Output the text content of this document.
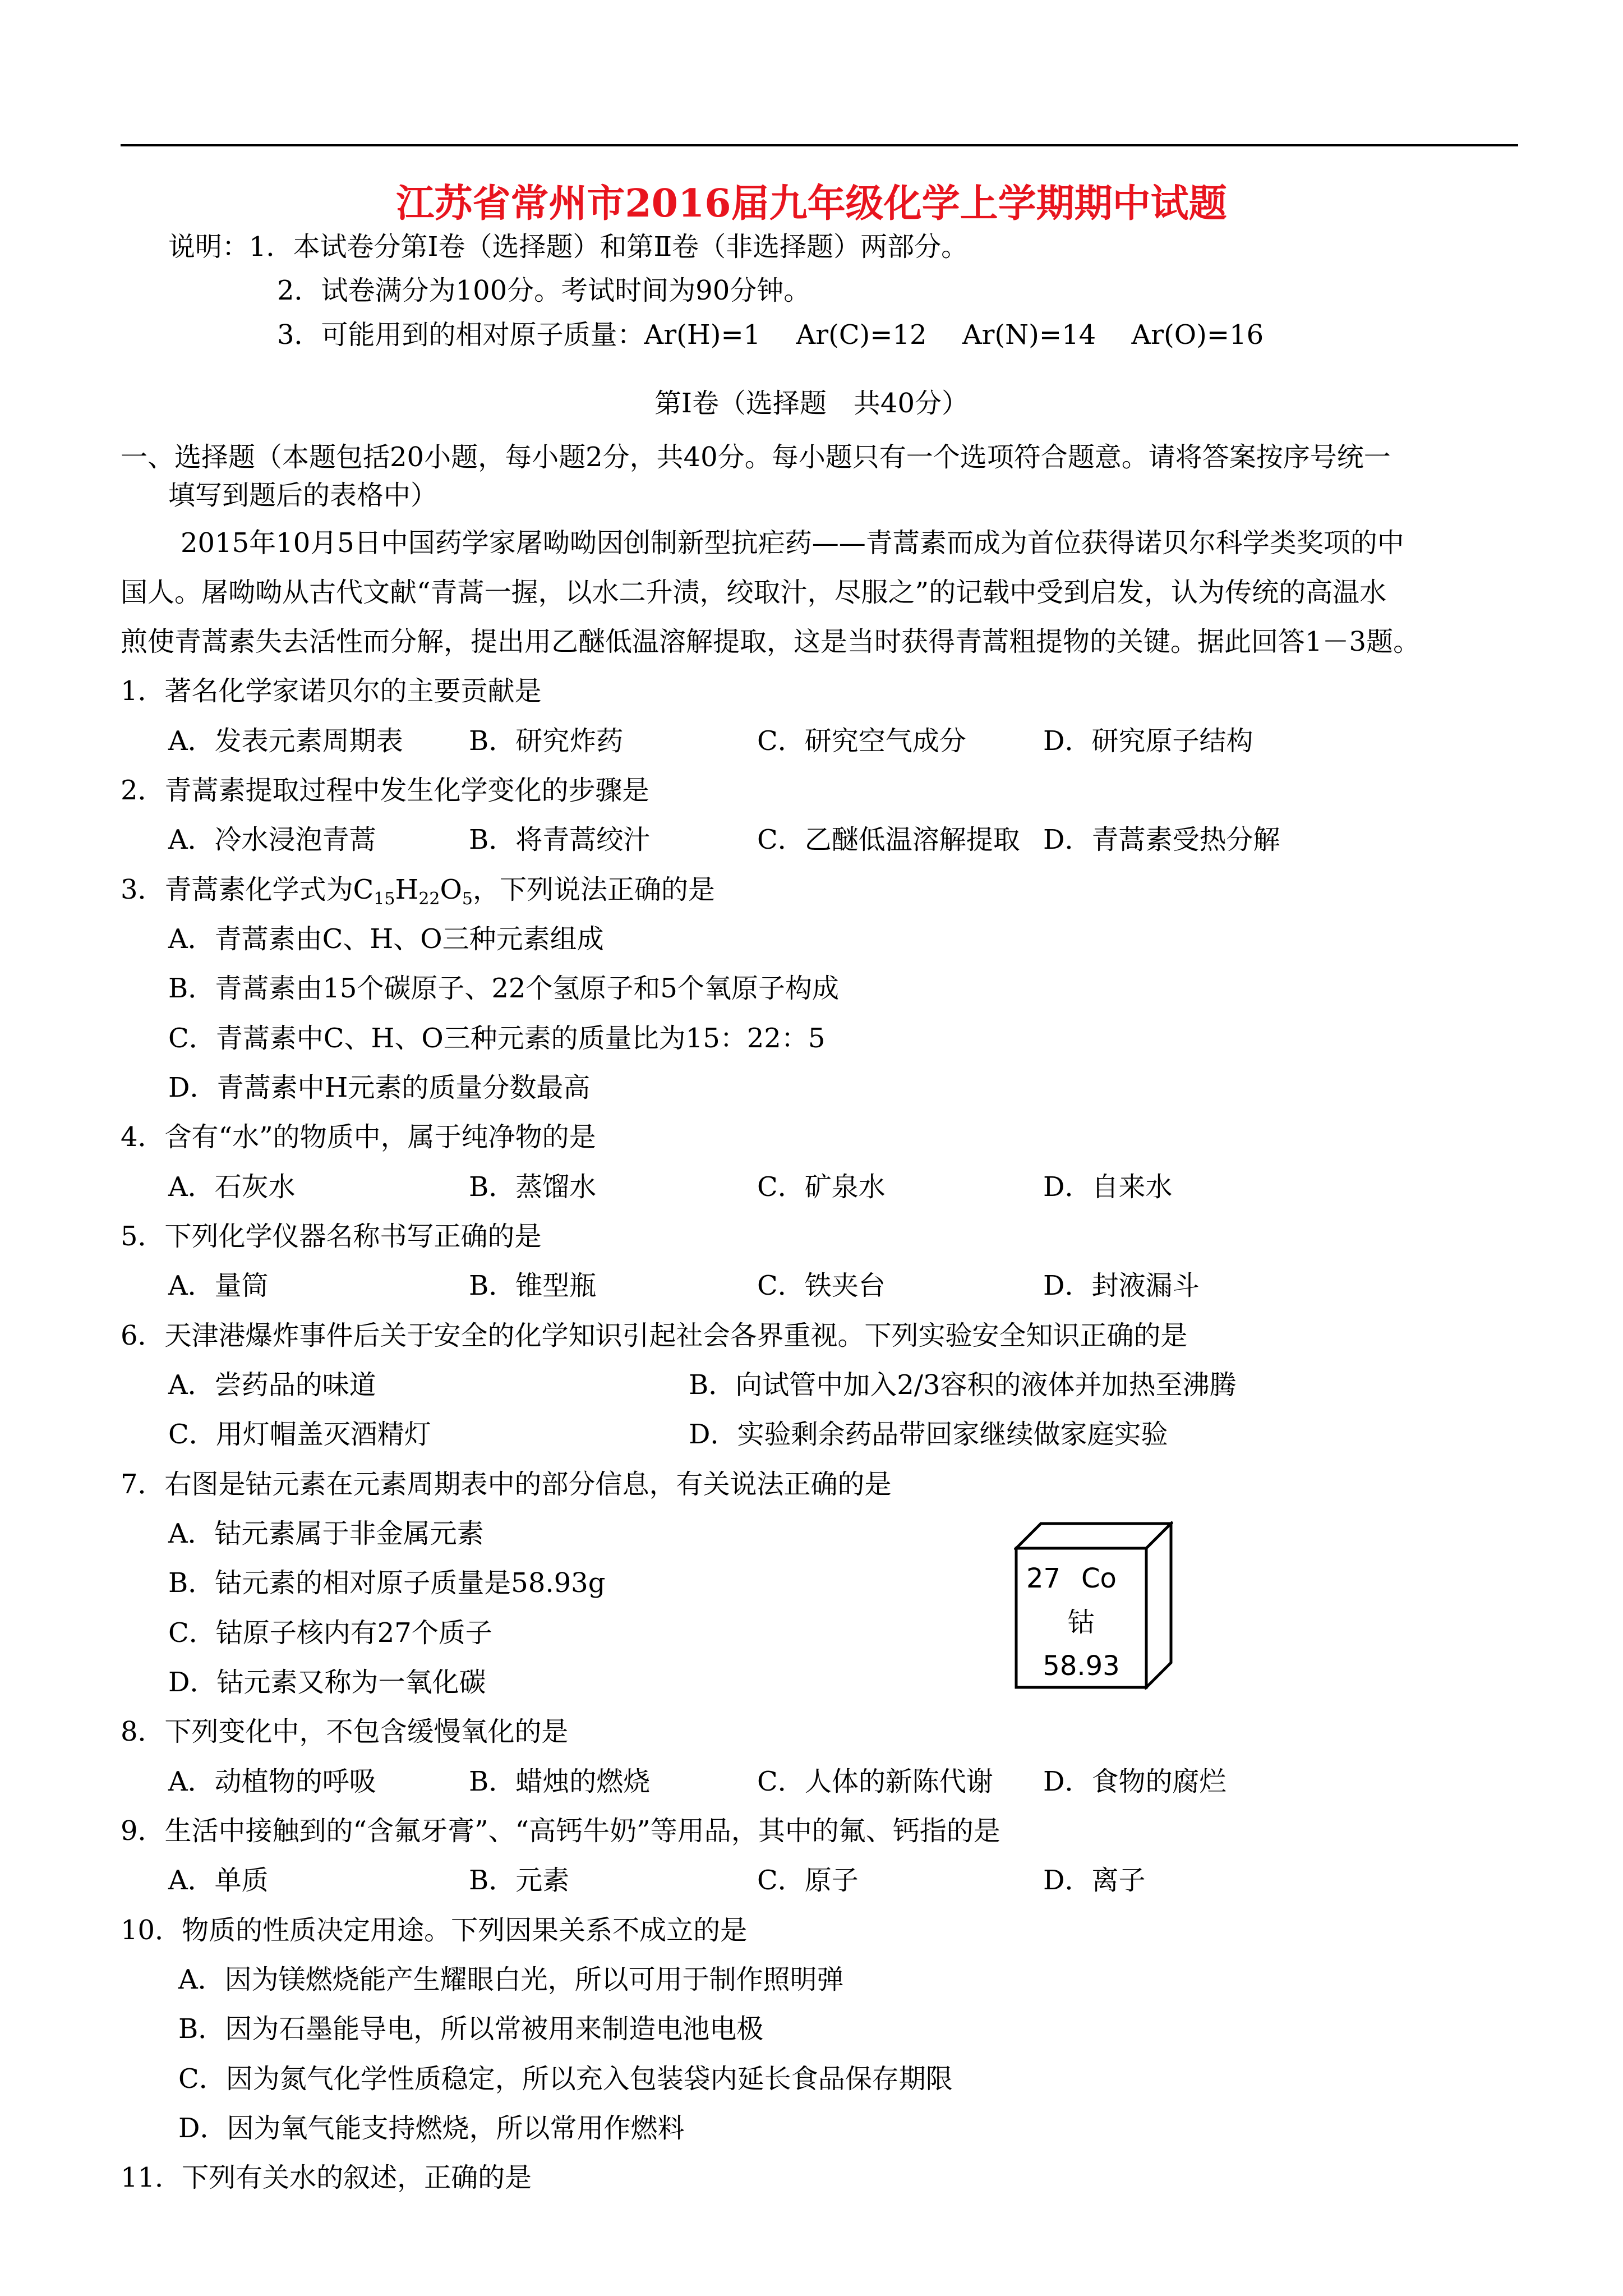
江苏省常州市2016届九年级化学上学期期中试题
说明：1．本试卷分第Ⅰ卷（选择题）和第Ⅱ卷（非选择题）两部分。
2．试卷满分为100分。考试时间为90分钟。
3．可能用到的相对原子质量：Ar(H)=1　 Ar(C)=12　 Ar(N)=14　 Ar(O)=16
第Ⅰ卷（选择题　共40分）
一、选择题（本题包括20小题，每小题2分，共40分。每小题只有一个选项符合题意。请将答案按序号统一
填写到题后的表格中）
2015年10月5日中国药学家屠呦呦因创制新型抗疟药——青蒿素而成为首位获得诺贝尔科学类奖项的中
国人。屠呦呦从古代文献“青蒿一握，以水二升渍，绞取汁，尽服之”的记载中受到启发，认为传统的高温水
煎使青蒿素失去活性而分解，提出用乙醚低温溶解提取，这是当时获得青蒿粗提物的关键。据此回答1－3题。
1．著名化学家诺贝尔的主要贡献是
A．发表元素周期表 B．研究炸药	C．研究空气成分	D．研究原子结构
2．青蒿素提取过程中发生化学变化的步骤是
A．冷水浸泡青蒿	B．将青蒿绞汁	C．乙醚低温溶解提取 D．青蒿素受热分解
3．青蒿素化学式为$C_{15}H_{22}O_5$，下列说法正确的是
A．青蒿素由C、H、O三种元素组成
B．青蒿素由15个碳原子、22个氢原子和5个氧原子构成
C．青蒿素中C、H、O三种元素的质量比为15：22：5
D．青蒿素中H元素的质量分数最高
4．含有“水”的物质中，属于纯净物的是
A．石灰水	B．蒸馏水	C．矿泉水	D．自来水
5．下列化学仪器名称书写正确的是
A．量筒	B．锥型瓶	C．铁夹台	D．封液漏斗
6．天津港爆炸事件后关于安全的化学知识引起社会各界重视。下列实验安全知识正确的是
A．尝药品的味道	B．向试管中加入2/3容积的液体并加热至沸腾
C．用灯帽盖灭酒精灯	D．实验剩余药品带回家继续做家庭实验
7．右图是钴元素在元素周期表中的部分信息，有关说法正确的是
A．钴元素属于非金属元素
B．钴元素的相对原子质量是58.93g
C．钴原子核内有27个质子
D．钴元素又称为一氧化碳
27 Co
钴
58.93
8．下列变化中，不包含缓慢氧化的是
A．动植物的呼吸	B．蜡烛的燃烧	C．人体的新陈代谢 D．食物的腐烂
9．生活中接触到的“含氟牙膏”、“高钙牛奶”等用品，其中的氟、钙指的是
A．单质	B．元素	C．原子	D．离子
10．物质的性质决定用途。下列因果关系不成立的是
A．因为镁燃烧能产生耀眼白光，所以可用于制作照明弹
B．因为石墨能导电，所以常被用来制造电池电极
C．因为氮气化学性质稳定，所以充入包装袋内延长食品保存期限
D．因为氧气能支持燃烧，所以常用作燃料
11．下列有关水的叙述，正确的是
